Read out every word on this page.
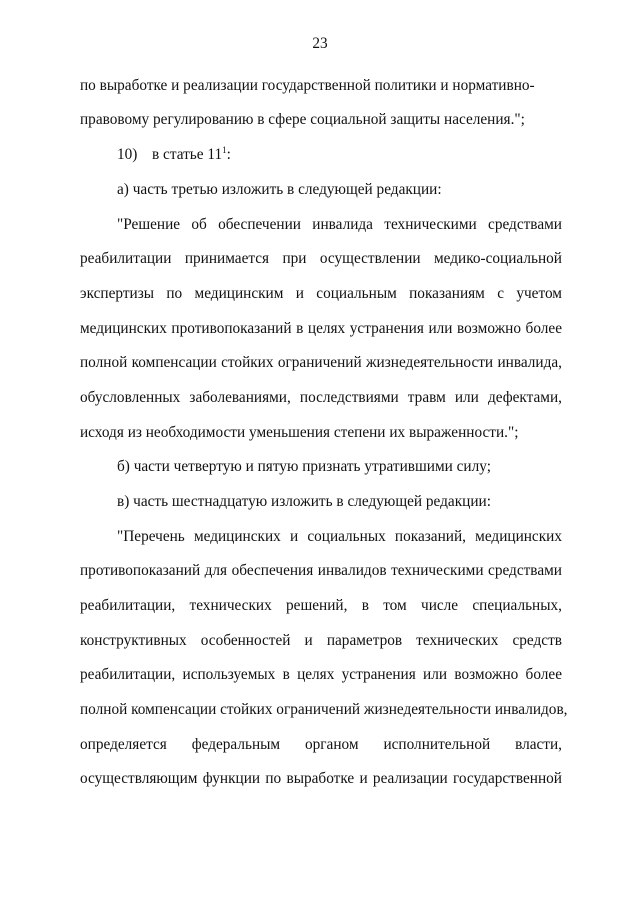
23
по выработке и реализации государственной политики и нормативно-
правовому регулированию в сфере социальной защиты населения.";
10) в статье $11^1$:
а) часть третью изложить в следующей редакции:
"Решение об обеспечении инвалида техническими средствами
реабилитации принимается при осуществлении медико-социальной
экспертизы по медицинским и социальным показаниям с учетом
медицинских противопоказаний в целях устранения или возможно более
полной компенсации стойких ограничений жизнедеятельности инвалида,
обусловленных заболеваниями, последствиями травм или дефектами,
исходя из необходимости уменьшения степени их выраженности.";
б) части четвертую и пятую признать утратившими силу;
в) часть шестнадцатую изложить в следующей редакции:
"Перечень медицинских и социальных показаний, медицинских
противопоказаний для обеспечения инвалидов техническими средствами
реабилитации, технических решений, в том числе специальных,
конструктивных особенностей и параметров технических средств
реабилитации, используемых в целях устранения или возможно более
полной компенсации стойких ограничений жизнедеятельности инвалидов,
определяется федеральным органом исполнительной власти,
осуществляющим функции по выработке и реализации государственной
